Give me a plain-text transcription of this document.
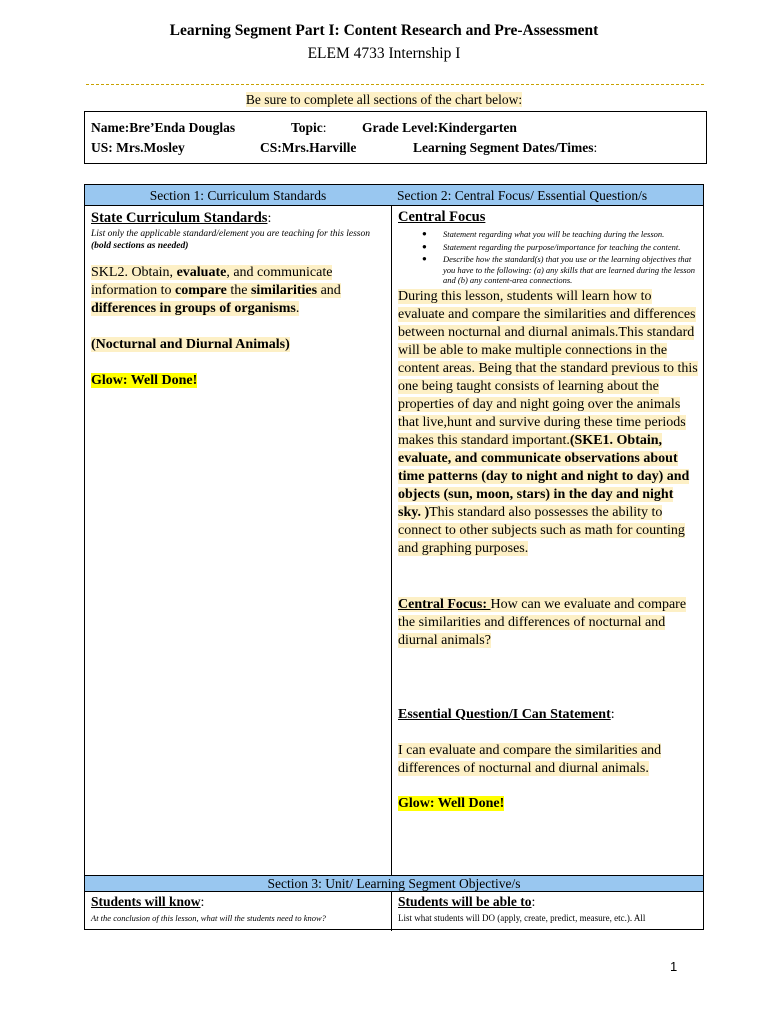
Learning Segment Part I: Content Research and Pre-Assessment
ELEM 4733 Internship I
Be sure to complete all sections of the chart below:
Name:Bre’Enda Douglas	Topic:	Grade Level:Kindergarten
US: Mrs.Mosley	CS:Mrs.Harville	Learning Segment Dates/Times:
Section 1: Curriculum Standards	Section 2: Central Focus/ Essential Question/s
State Curriculum Standards:
List only the applicable standard/element you are teaching for this lesson (bold sections as needed)
SKL2. Obtain, evaluate, and communicate information to compare the similarities and differences in groups of organisms.
(Nocturnal and Diurnal Animals)
Glow: Well Done!
Central Focus
● Statement regarding what you will be teaching during the lesson.
● Statement regarding the purpose/importance for teaching the content.
● Describe how the standard(s) that you use or the learning objectives that you have to the following: (a) any skills that are learned during the lesson and (b) any content-area connections.
During this lesson, students will learn how to evaluate and compare the similarities and differences between nocturnal and diurnal animals.This standard will be able to make multiple connections in the content areas. Being that the standard previous to this one being taught consists of learning about the properties of day and night going over the animals that live,hunt and survive during these time periods makes this standard important.(SKE1. Obtain, evaluate, and communicate observations about time patterns (day to night and night to day) and objects (sun, moon, stars) in the day and night sky. )This standard also possesses the ability to connect to other subjects such as math for counting and graphing purposes.
Central Focus: How can we evaluate and compare the similarities and differences of nocturnal and diurnal animals?
Essential Question/I Can Statement:
I can evaluate and compare the similarities and differences of nocturnal and diurnal animals.
Glow: Well Done!
Section 3: Unit/ Learning Segment Objective/s
Students will know:
At the conclusion of this lesson, what will the students need to know?
Students will be able to:
List what students will DO (apply, create, predict, measure, etc.). All
1
